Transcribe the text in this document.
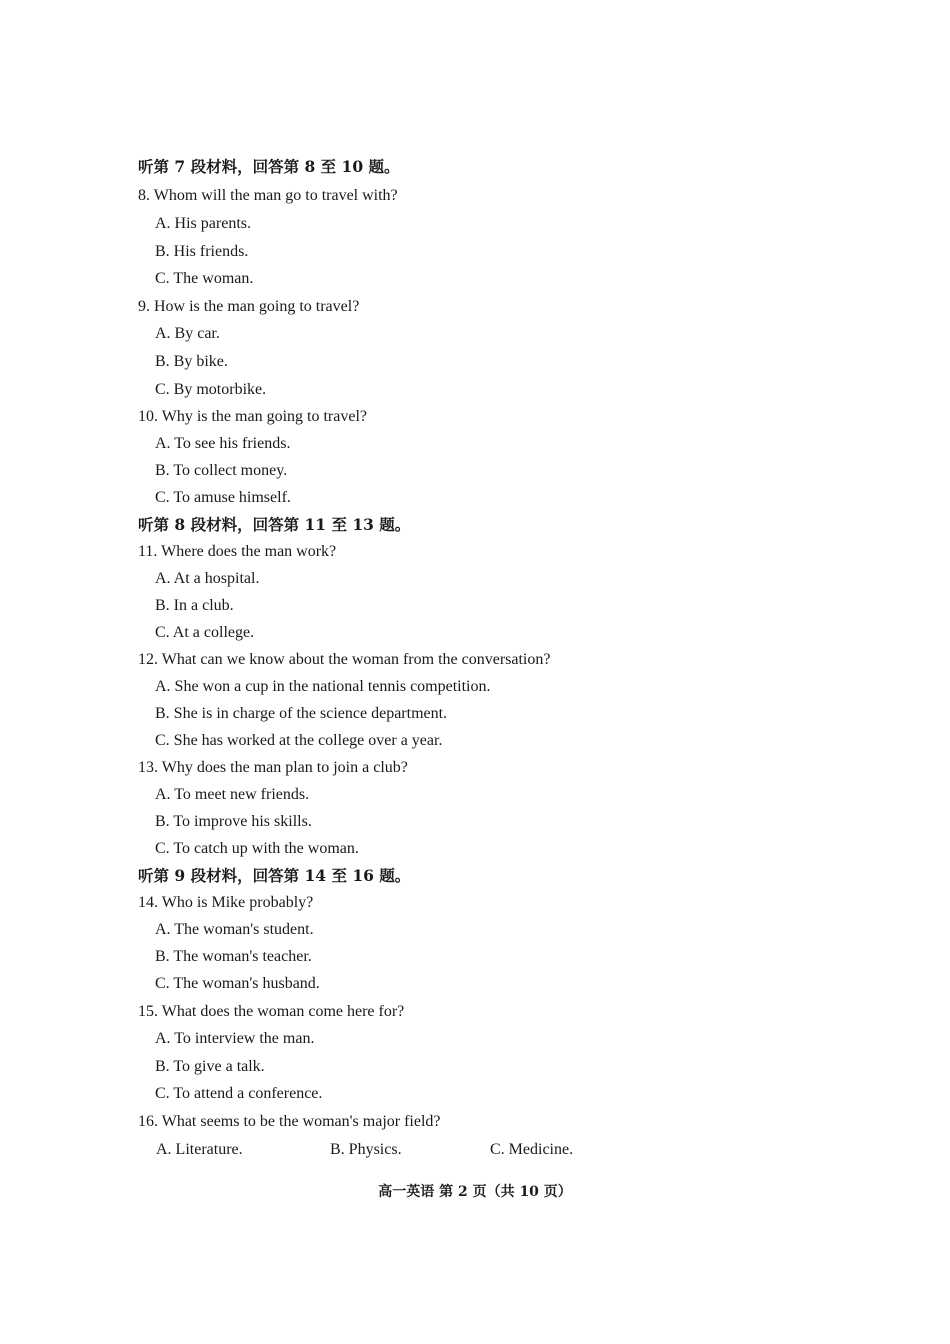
听第 7 段材料，回答第 8 至 10 题。
8. Whom will the man go to travel with?
A. His parents.
B. His friends.
C. The woman.
9. How is the man going to travel?
A. By car.
B. By bike.
C. By motorbike.
10. Why is the man going to travel?
A. To see his friends.
B. To collect money.
C. To amuse himself.
听第 8 段材料，回答第 11 至 13 题。
11. Where does the man work?
A. At a hospital.
B. In a club.
C. At a college.
12. What can we know about the woman from the conversation?
A. She won a cup in the national tennis competition.
B. She is in charge of the science department.
C. She has worked at the college over a year.
13. Why does the man plan to join a club?
A. To meet new friends.
B. To improve his skills.
C. To catch up with the woman.
听第 9 段材料，回答第 14 至 16 题。
14. Who is Mike probably?
A. The woman's student.
B. The woman's teacher.
C. The woman's husband.
15. What does the woman come here for?
A. To interview the man.
B. To give a talk.
C. To attend a conference.
16. What seems to be the woman's major field?
A. Literature.	B. Physics.	C. Medicine.
高一英语 第 2 页（共 10 页）
